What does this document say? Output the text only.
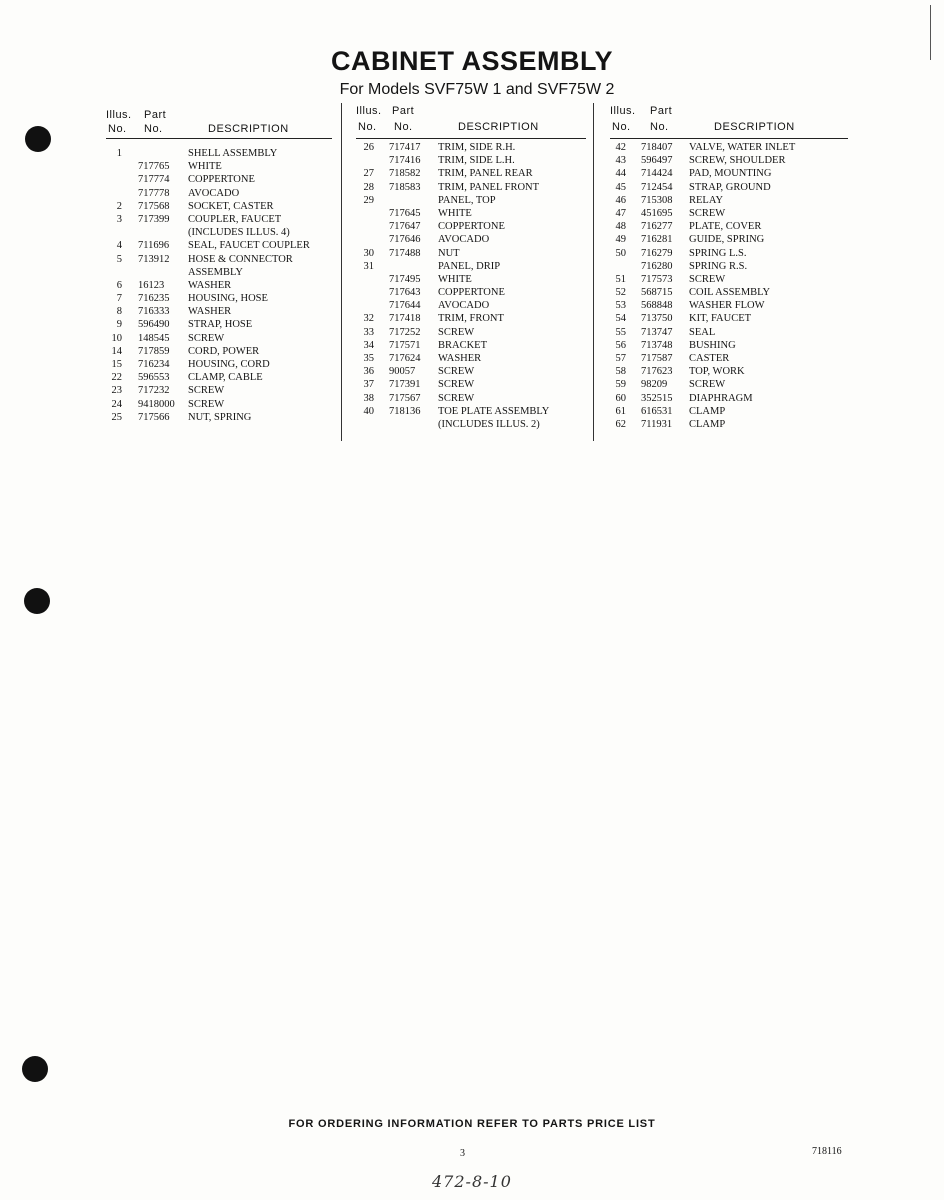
CABINET ASSEMBLY
For Models SVF75W 1 and SVF75W 2
Illus. Part
No. No.	DESCRIPTION
1	SHELL ASSEMBLY
717765 WHITE
717774 COPPERTONE
717778 AVOCADO
2 717568 SOCKET, CASTER
3 717399 COUPLER, FAUCET
(INCLUDES ILLUS. 4)
4 711696 SEAL, FAUCET COUPLER
5 713912 HOSE & CONNECTOR
ASSEMBLY
6 16123 WASHER
7 716235 HOUSING, HOSE
8 716333 WASHER
9 596490 STRAP, HOSE
10 148545 SCREW
14 717859 CORD, POWER
15 716234 HOUSING, CORD
22 596553 CLAMP, CABLE
23 717232 SCREW
24 9418000 SCREW
25 717566 NUT, SPRING
Illus. Part
No. No.	DESCRIPTION
26 717417 TRIM, SIDE R.H.
717416 TRIM, SIDE L.H.
27 718582 TRIM, PANEL REAR
28 718583 TRIM, PANEL FRONT
29	PANEL, TOP
717645 WHITE
717647 COPPERTONE
717646 AVOCADO
30 717488 NUT
31	PANEL, DRIP
717495 WHITE
717643 COPPERTONE
717644 AVOCADO
32 717418 TRIM, FRONT
33 717252 SCREW
34 717571 BRACKET
35 717624 WASHER
36 90057 SCREW
37 717391 SCREW
38 717567 SCREW
40 718136 TOE PLATE ASSEMBLY
(INCLUDES ILLUS. 2)
Illus. Part
No. No.	DESCRIPTION
42 718407 VALVE, WATER INLET
43 596497 SCREW, SHOULDER
44 714424 PAD, MOUNTING
45 712454 STRAP, GROUND
46 715308 RELAY
47 451695 SCREW
48 716277 PLATE, COVER
49 716281 GUIDE, SPRING
50 716279 SPRING L.S.
716280 SPRING R.S.
51 717573 SCREW
52 568715 COIL ASSEMBLY
53 568848 WASHER FLOW
54 713750 KIT, FAUCET
55 713747 SEAL
56 713748 BUSHING
57 717587 CASTER
58 717623 TOP, WORK
59 98209 SCREW
60 352515 DIAPHRAGM
61 616531 CLAMP
62 711931 CLAMP
FOR ORDERING INFORMATION REFER TO PARTS PRICE LIST
3	718116
472-8-10
